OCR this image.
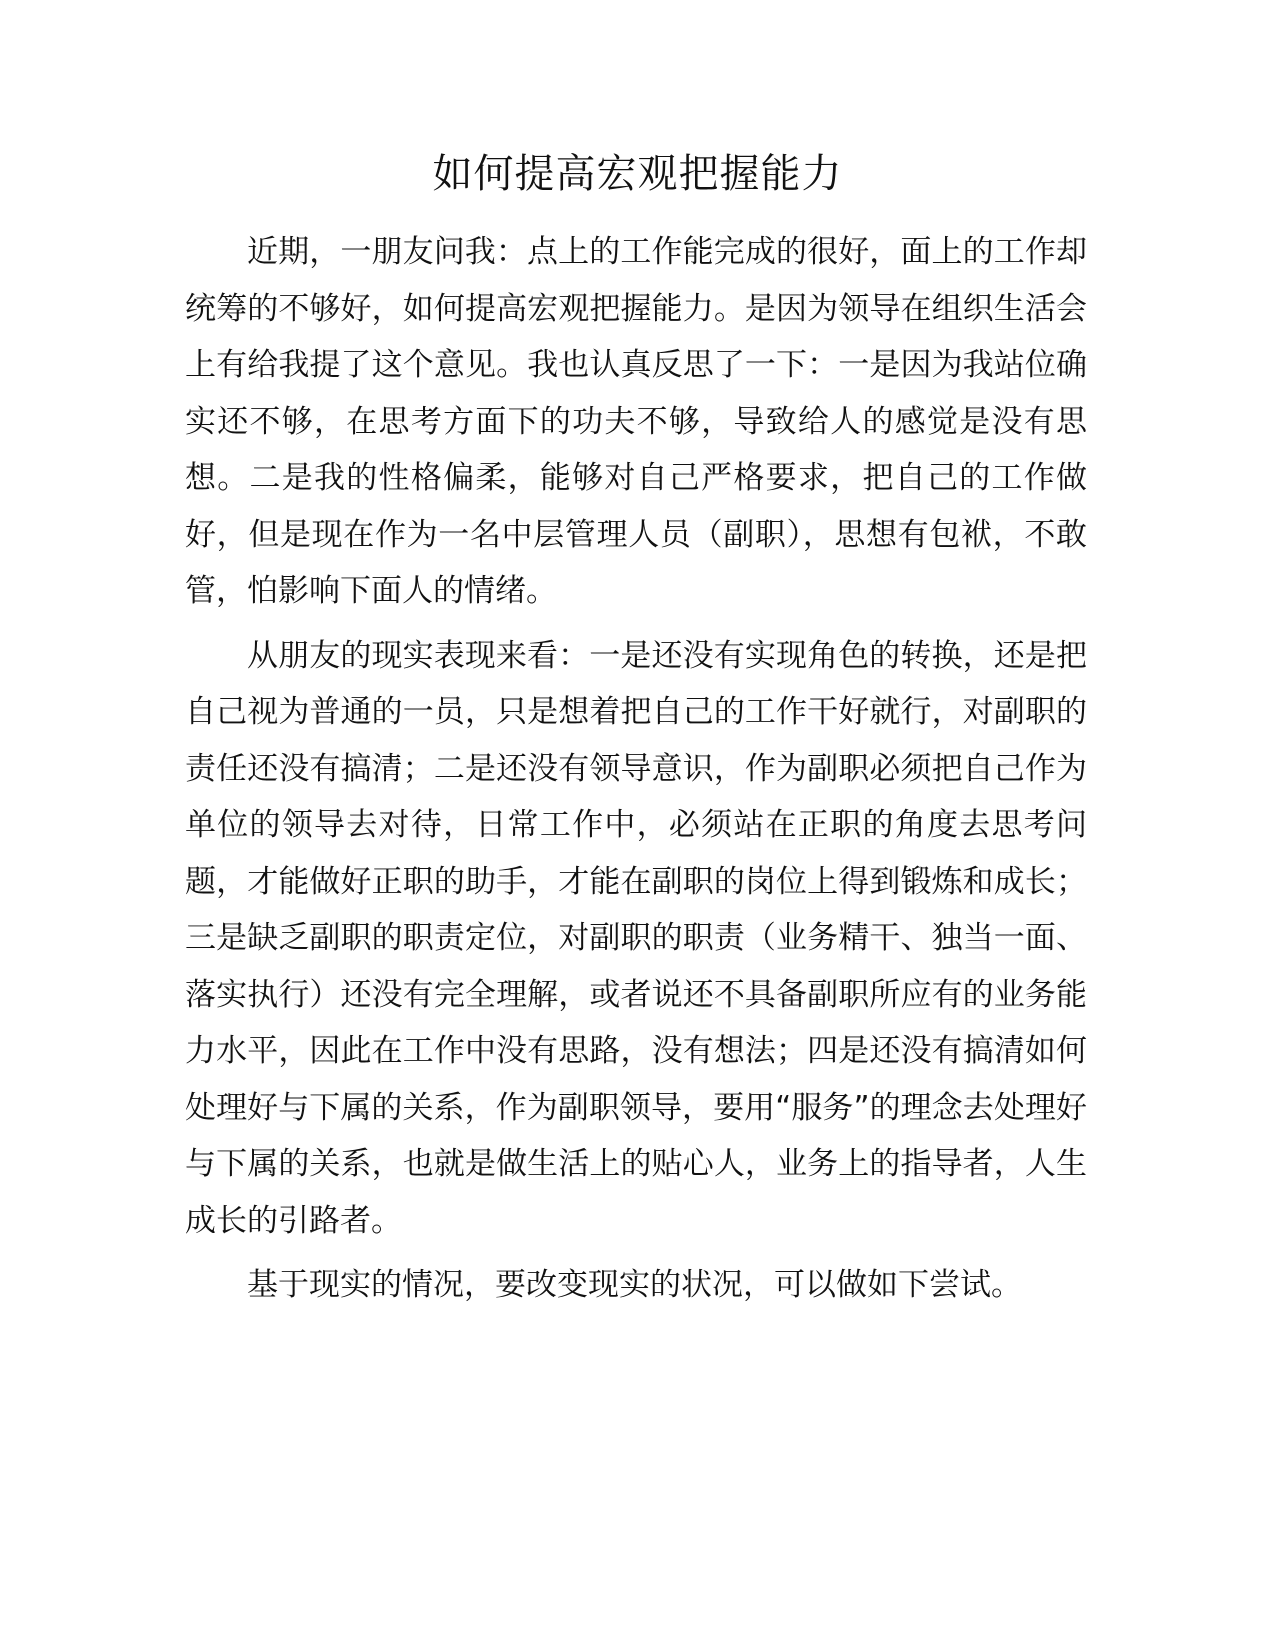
如何提高宏观把握能力

近期，一朋友问我：点上的工作能完成的很好，面上的工作却统筹的不够好，如何提高宏观把握能力。是因为领导在组织生活会上有给我提了这个意见。我也认真反思了一下：一是因为我站位确实还不够，在思考方面下的功夫不够，导致给人的感觉是没有思想。二是我的性格偏柔，能够对自己严格要求，把自己的工作做好，但是现在作为一名中层管理人员（副职），思想有包袱，不敢管，怕影响下面人的情绪。

从朋友的现实表现来看：一是还没有实现角色的转换，还是把自己视为普通的一员，只是想着把自己的工作干好就行，对副职的责任还没有搞清；二是还没有领导意识，作为副职必须把自己作为单位的领导去对待，日常工作中，必须站在正职的角度去思考问题，才能做好正职的助手，才能在副职的岗位上得到锻炼和成长；三是缺乏副职的职责定位，对副职的职责（业务精干、独当一面、落实执行）还没有完全理解，或者说还不具备副职所应有的业务能力水平，因此在工作中没有思路，没有想法；四是还没有搞清如何处理好与下属的关系，作为副职领导，要用“服务”的理念去处理好与下属的关系，也就是做生活上的贴心人，业务上的指导者，人生成长的引路者。

基于现实的情况，要改变现实的状况，可以做如下尝试。
